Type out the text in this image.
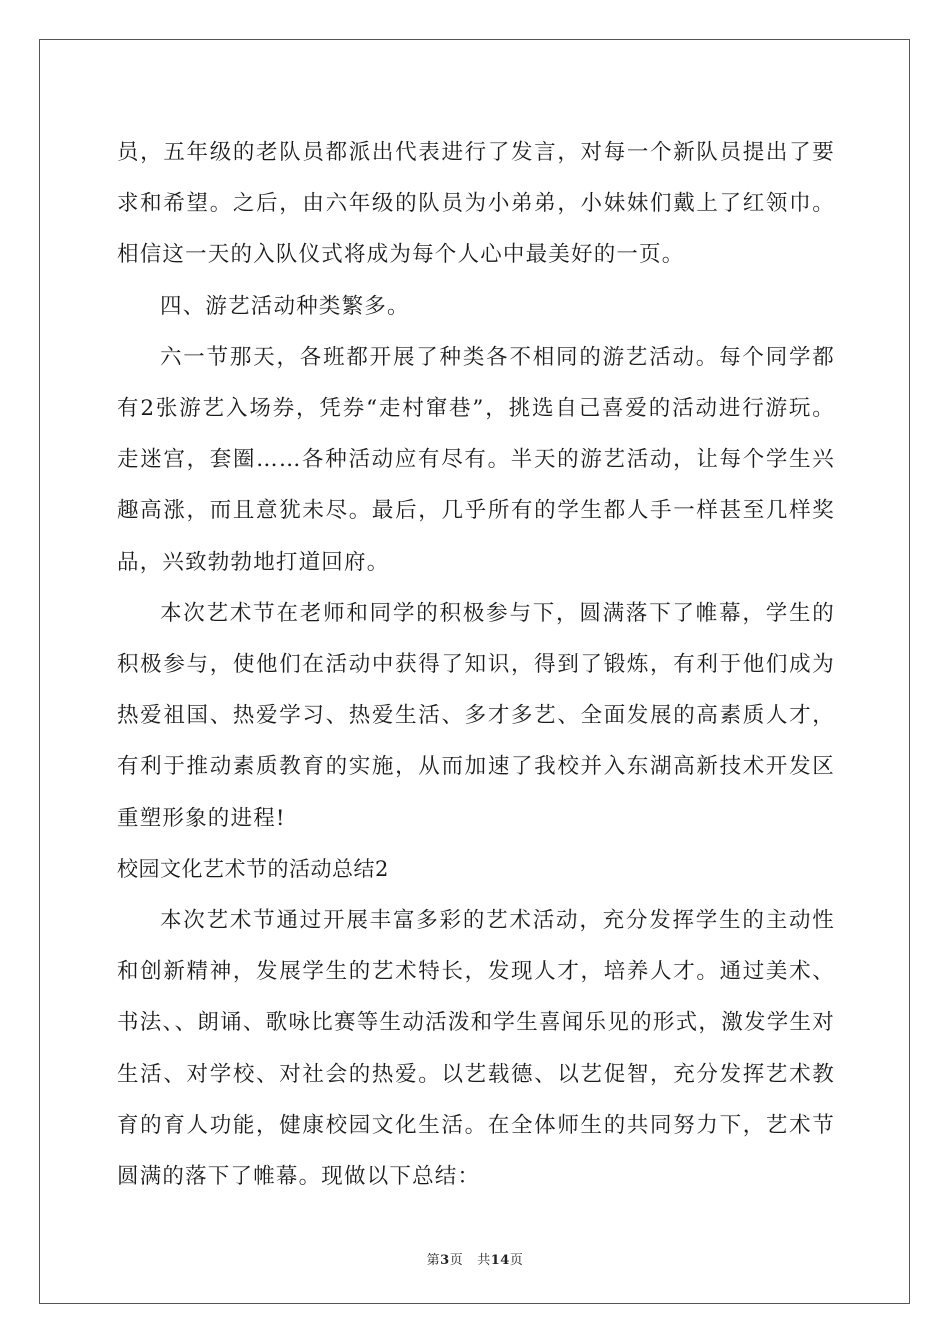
员，五年级的老队员都派出代表进行了发言，对每一个新队员提出了要求和希望。之后，由六年级的队员为小弟弟，小妹妹们戴上了红领巾。相信这一天的入队仪式将成为每个人心中最美好的一页。

四、游艺活动种类繁多。

六一节那天，各班都开展了种类各不相同的游艺活动。每个同学都有2张游艺入场券，凭券“走村窜巷”，挑选自己喜爱的活动进行游玩。走迷宫，套圈……各种活动应有尽有。半天的游艺活动，让每个学生兴趣高涨，而且意犹未尽。最后，几乎所有的学生都人手一样甚至几样奖品，兴致勃勃地打道回府。

本次艺术节在老师和同学的积极参与下，圆满落下了帷幕，学生的积极参与，使他们在活动中获得了知识，得到了锻炼，有利于他们成为热爱祖国、热爱学习、热爱生活、多才多艺、全面发展的高素质人才，有利于推动素质教育的实施，从而加速了我校并入东湖高新技术开发区重塑形象的进程!

校园文化艺术节的活动总结2

本次艺术节通过开展丰富多彩的艺术活动，充分发挥学生的主动性和创新精神，发展学生的艺术特长，发现人才，培养人才。通过美术、书法、、朗诵、歌咏比赛等生动活泼和学生喜闻乐见的形式，激发学生对生活、对学校、对社会的热爱。以艺载德、以艺促智，充分发挥艺术教育的育人功能，健康校园文化生活。在全体师生的共同努力下，艺术节圆满的落下了帷幕。现做以下总结：

第3页 共14页
